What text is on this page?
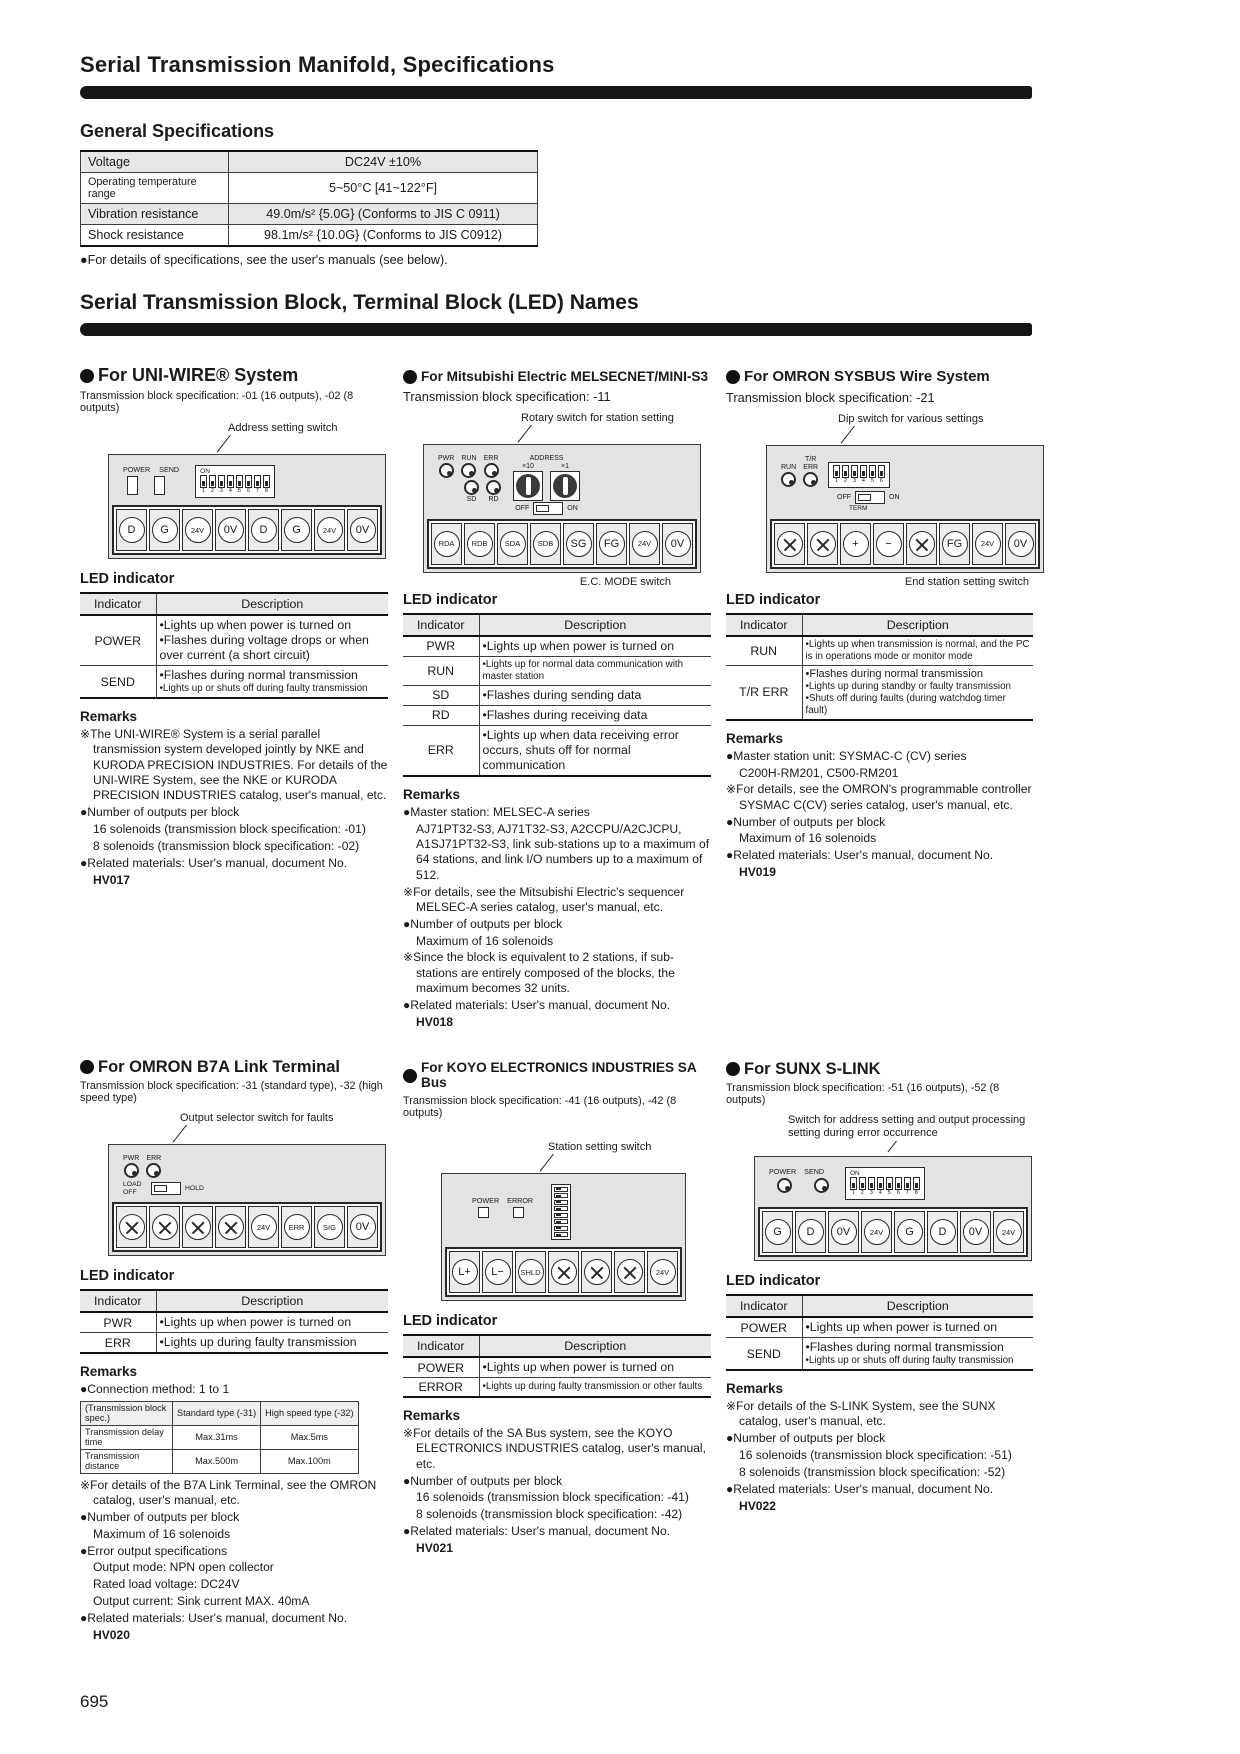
Serial Transmission Manifold, Specifications
General Specifications
Voltage	DC24V ±10%
Operating temperature range	5~50°C [41~122°F]
Vibration resistance	49.0m/s² {5.0G} (Conforms to JIS C 0911)
Shock resistance	98.1m/s² {10.0G} (Conforms to JIS C0912)
●For details of specifications, see the user's manuals (see below).
Serial Transmission Block, Terminal Block (LED) Names
For UNI-WIRE® System
Transmission block specification: -01 (16 outputs), -02 (8 outputs)
Address setting switch
POWER SEND	ON
1 2 3 4 5 6 7 8
D	G	24V	0V	D	G	24V	0V
LED indicator
Indicator	Description
POWER	•Lights up when power is turned on
•Flashes during voltage drops or when over current (a short circuit)

SEND	•Flashes during normal transmission
•Lights up or shuts off during faulty transmission
Remarks

※The UNI-WIRE® System is a serial parallel transmission system developed jointly by NKE and KURODA PRECISION INDUSTRIES. For details of the UNI-WIRE System, see the NKE or KURODA PRECISION INDUSTRIES catalog, user's manual, etc.

●Number of outputs per block

16 solenoids (transmission block specification: -01)

8 solenoids (transmission block specification: -02)

●Related materials: User's manual, document No.

HV017

For Mitsubishi Electric MELSECNET/MINI-S3
Transmission block specification: -11
Rotary switch for station setting
PWR RUN ERR
SD RD
ADDRESS
×10	×1
OFF	ON
RDA	RDB	SDA	SDB	SG	FG	24V	0V
E.C. MODE switch
LED indicator
Indicator	Description
PWR	•Lights up when power is turned on

RUN	•Lights up for normal data communication with master station

SD	•Flashes during sending data

RD	•Flashes during receiving data

ERR	•Lights up when data receiving error occurs, shuts off for normal communication
Remarks

●Master station: MELSEC-A series

AJ71PT32-S3, AJ71T32-S3, A2CCPU/A2CJCPU, A1SJ71PT32-S3, link sub-stations up to a maximum of 64 stations, and link I/O numbers up to a maximum of 512.

※For details, see the Mitsubishi Electric's sequencer MELSEC-A series catalog, user's manual, etc.

●Number of outputs per block

Maximum of 16 solenoids

※Since the block is equivalent to 2 stations, if sub-stations are entirely composed of the blocks, the maximum becomes 32 units.

●Related materials: User's manual, document No.

HV018

For OMRON SYSBUS Wire System
Transmission block specification: -21
Dip switch for various settings
RUN
T/R
ERR
1 2 3 4 5 6
OFF	ON
TERM
+	−	FG	24V	0V
End station setting switch
LED indicator
Indicator	Description
RUN	•Lights up when transmission is normal, and the PC is in operations mode or monitor mode

T/R ERR	•Flashes during normal transmission
•Lights up during standby or faulty transmission
•Shuts off during faults (during watchdog timer fault)
Remarks

●Master station unit: SYSMAC-C (CV) series

C200H-RM201, C500-RM201

※For details, see the OMRON's programmable controller SYSMAC C(CV) series catalog, user's manual, etc.

●Number of outputs per block

Maximum of 16 solenoids

●Related materials: User's manual, document No.

HV019

For OMRON B7A Link Terminal
Transmission block specification: -31 (standard type), -32 (high speed type)
Output selector switch for faults
PWR ERR
LOAD OFF	HOLD
24V	ERR	SIG	0V
LED indicator
Indicator	Description
PWR	•Lights up when power is turned on

ERR	•Lights up during faulty transmission
Remarks

●Connection method: 1 to 1

(Transmission block spec.)	Standard type (-31)	High speed type (-32)
Transmission delay time	Max.31ms	Max.5ms
Transmission distance	Max.500m	Max.100m

※For details of the B7A Link Terminal, see the OMRON catalog, user's manual, etc.

●Number of outputs per block

Maximum of 16 solenoids

●Error output specifications

Output mode: NPN open collector

Rated load voltage: DC24V

Output current: Sink current MAX. 40mA

●Related materials: User's manual, document No.

HV020

For KOYO ELECTRONICS INDUSTRIES SA Bus
Transmission block specification: -41 (16 outputs), -42 (8 outputs)
Station setting switch
POWER ERROR
L+	L−	SHLD	24V
LED indicator
Indicator	Description
POWER	•Lights up when power is turned on

ERROR	•Lights up during faulty transmission or other faults
Remarks

※For details of the SA Bus system, see the KOYO ELECTRONICS INDUSTRIES catalog, user's manual, etc.

●Number of outputs per block

16 solenoids (transmission block specification: -41)

8 solenoids (transmission block specification: -42)

●Related materials: User's manual, document No.

HV021

For SUNX S-LINK
Transmission block specification: -51 (16 outputs), -52 (8 outputs)
Switch for address setting and output processing setting during error occurrence
POWER SEND	ON
1 2 3 4 5 6 7 8
G	D	0V	24V	G	D	0V	24V
LED indicator
Indicator	Description
POWER	•Lights up when power is turned on

SEND	•Flashes during normal transmission
•Lights up or shuts off during faulty transmission
Remarks

※For details of the S-LINK System, see the SUNX catalog, user's manual, etc.

●Number of outputs per block

16 solenoids (transmission block specification: -51)

8 solenoids (transmission block specification: -52)

●Related materials: User's manual, document No.

HV022

695
